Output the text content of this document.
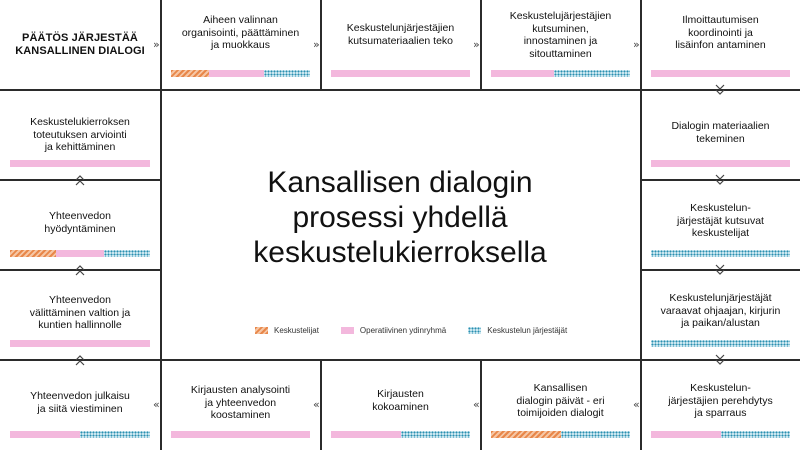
PÄÄTÖS JÄRJESTÄÄ
KANSALLINEN DIALOGI
Aiheen valinnan
organisointi, päättäminen
ja muokkaus
Keskustelunjärjestäjien
kutsumateriaalien teko
Keskustelujärjestäjien
kutsuminen,
innostaminen ja
sitouttaminen
Ilmoittautumisen
koordinointi ja
lisäinfon antaminen
Dialogin materiaalien
tekeminen
Keskustelun-
järjestäjät kutsuvat
keskustelijat
Keskustelunjärjestäjät
varaavat ohjaajan, kirjurin
ja paikan/alustan
Keskustelun-
järjestäjien perehdytys
ja sparraus
Kansallisen
dialogin päivät - eri
toimijoiden dialogit
Kirjausten
kokoaminen
Kirjausten analysointi
ja yhteenvedon
koostaminen
Yhteenvedon julkaisu
ja siitä viestiminen
Yhteenvedon
välittäminen valtion ja
kuntien hallinnolle
Yhteenvedon
hyödyntäminen
Keskustelukierroksen
toteutuksen arviointi
ja kehittäminen
Kansallisen dialogin
prosessi yhdellä
keskustelukierroksella
Keskustelijat	Operatiivinen ydinryhmä	Keskustelun järjestäjät
»	»	»	»
«
«
«
«
